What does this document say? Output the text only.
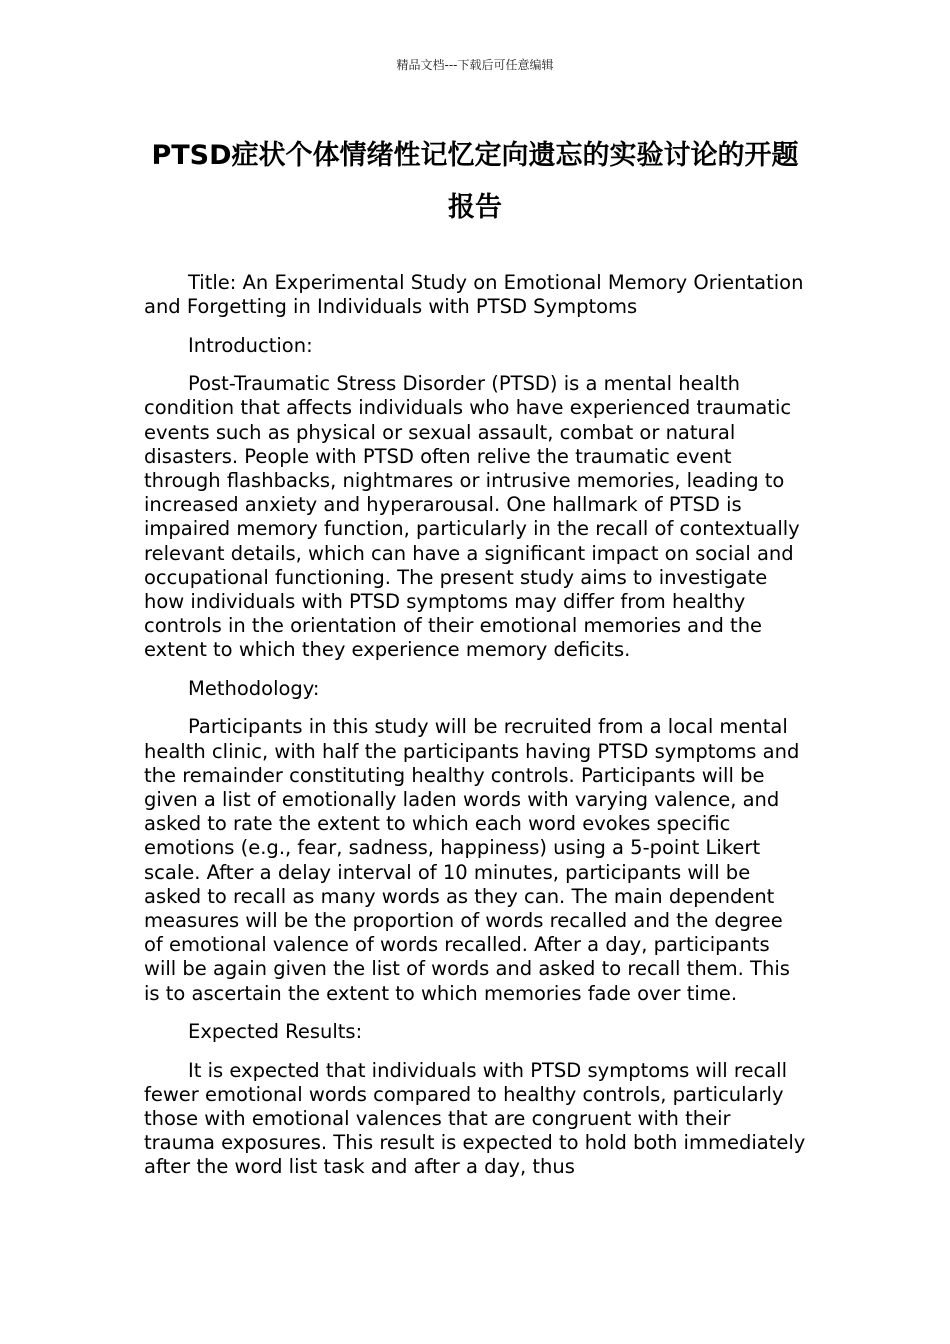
精品文档---下载后可任意编辑
PTSD症状个体情绪性记忆定向遗忘的实验讨论的开题报告

Title: An Experimental Study on Emotional Memory Orientation and Forgetting in Individuals with PTSD Symptoms

Introduction:

Post-Traumatic Stress Disorder (PTSD) is a mental health condition that affects individuals who have experienced traumatic events such as physical or sexual assault, combat or natural disasters. People with PTSD often relive the traumatic event through flashbacks, nightmares or intrusive memories, leading to increased anxiety and hyperarousal. One hallmark of PTSD is impaired memory function, particularly in the recall of contextually relevant details, which can have a significant impact on social and occupational functioning. The present study aims to investigate how individuals with PTSD symptoms may differ from healthy controls in the orientation of their emotional memories and the extent to which they experience memory deficits.

Methodology:

Participants in this study will be recruited from a local mental health clinic, with half the participants having PTSD symptoms and the remainder constituting healthy controls. Participants will be given a list of emotionally laden words with varying valence, and asked to rate the extent to which each word evokes specific emotions (e.g., fear, sadness, happiness) using a 5-point Likert scale. After a delay interval of 10 minutes, participants will be asked to recall as many words as they can. The main dependent measures will be the proportion of words recalled and the degree of emotional valence of words recalled. After a day, participants will be again given the list of words and asked to recall them. This is to ascertain the extent to which memories fade over time.

Expected Results:

It is expected that individuals with PTSD symptoms will recall fewer emotional words compared to healthy controls, particularly those with emotional valences that are congruent with their trauma exposures. This result is expected to hold both immediately after the word list task and after a day, thus
